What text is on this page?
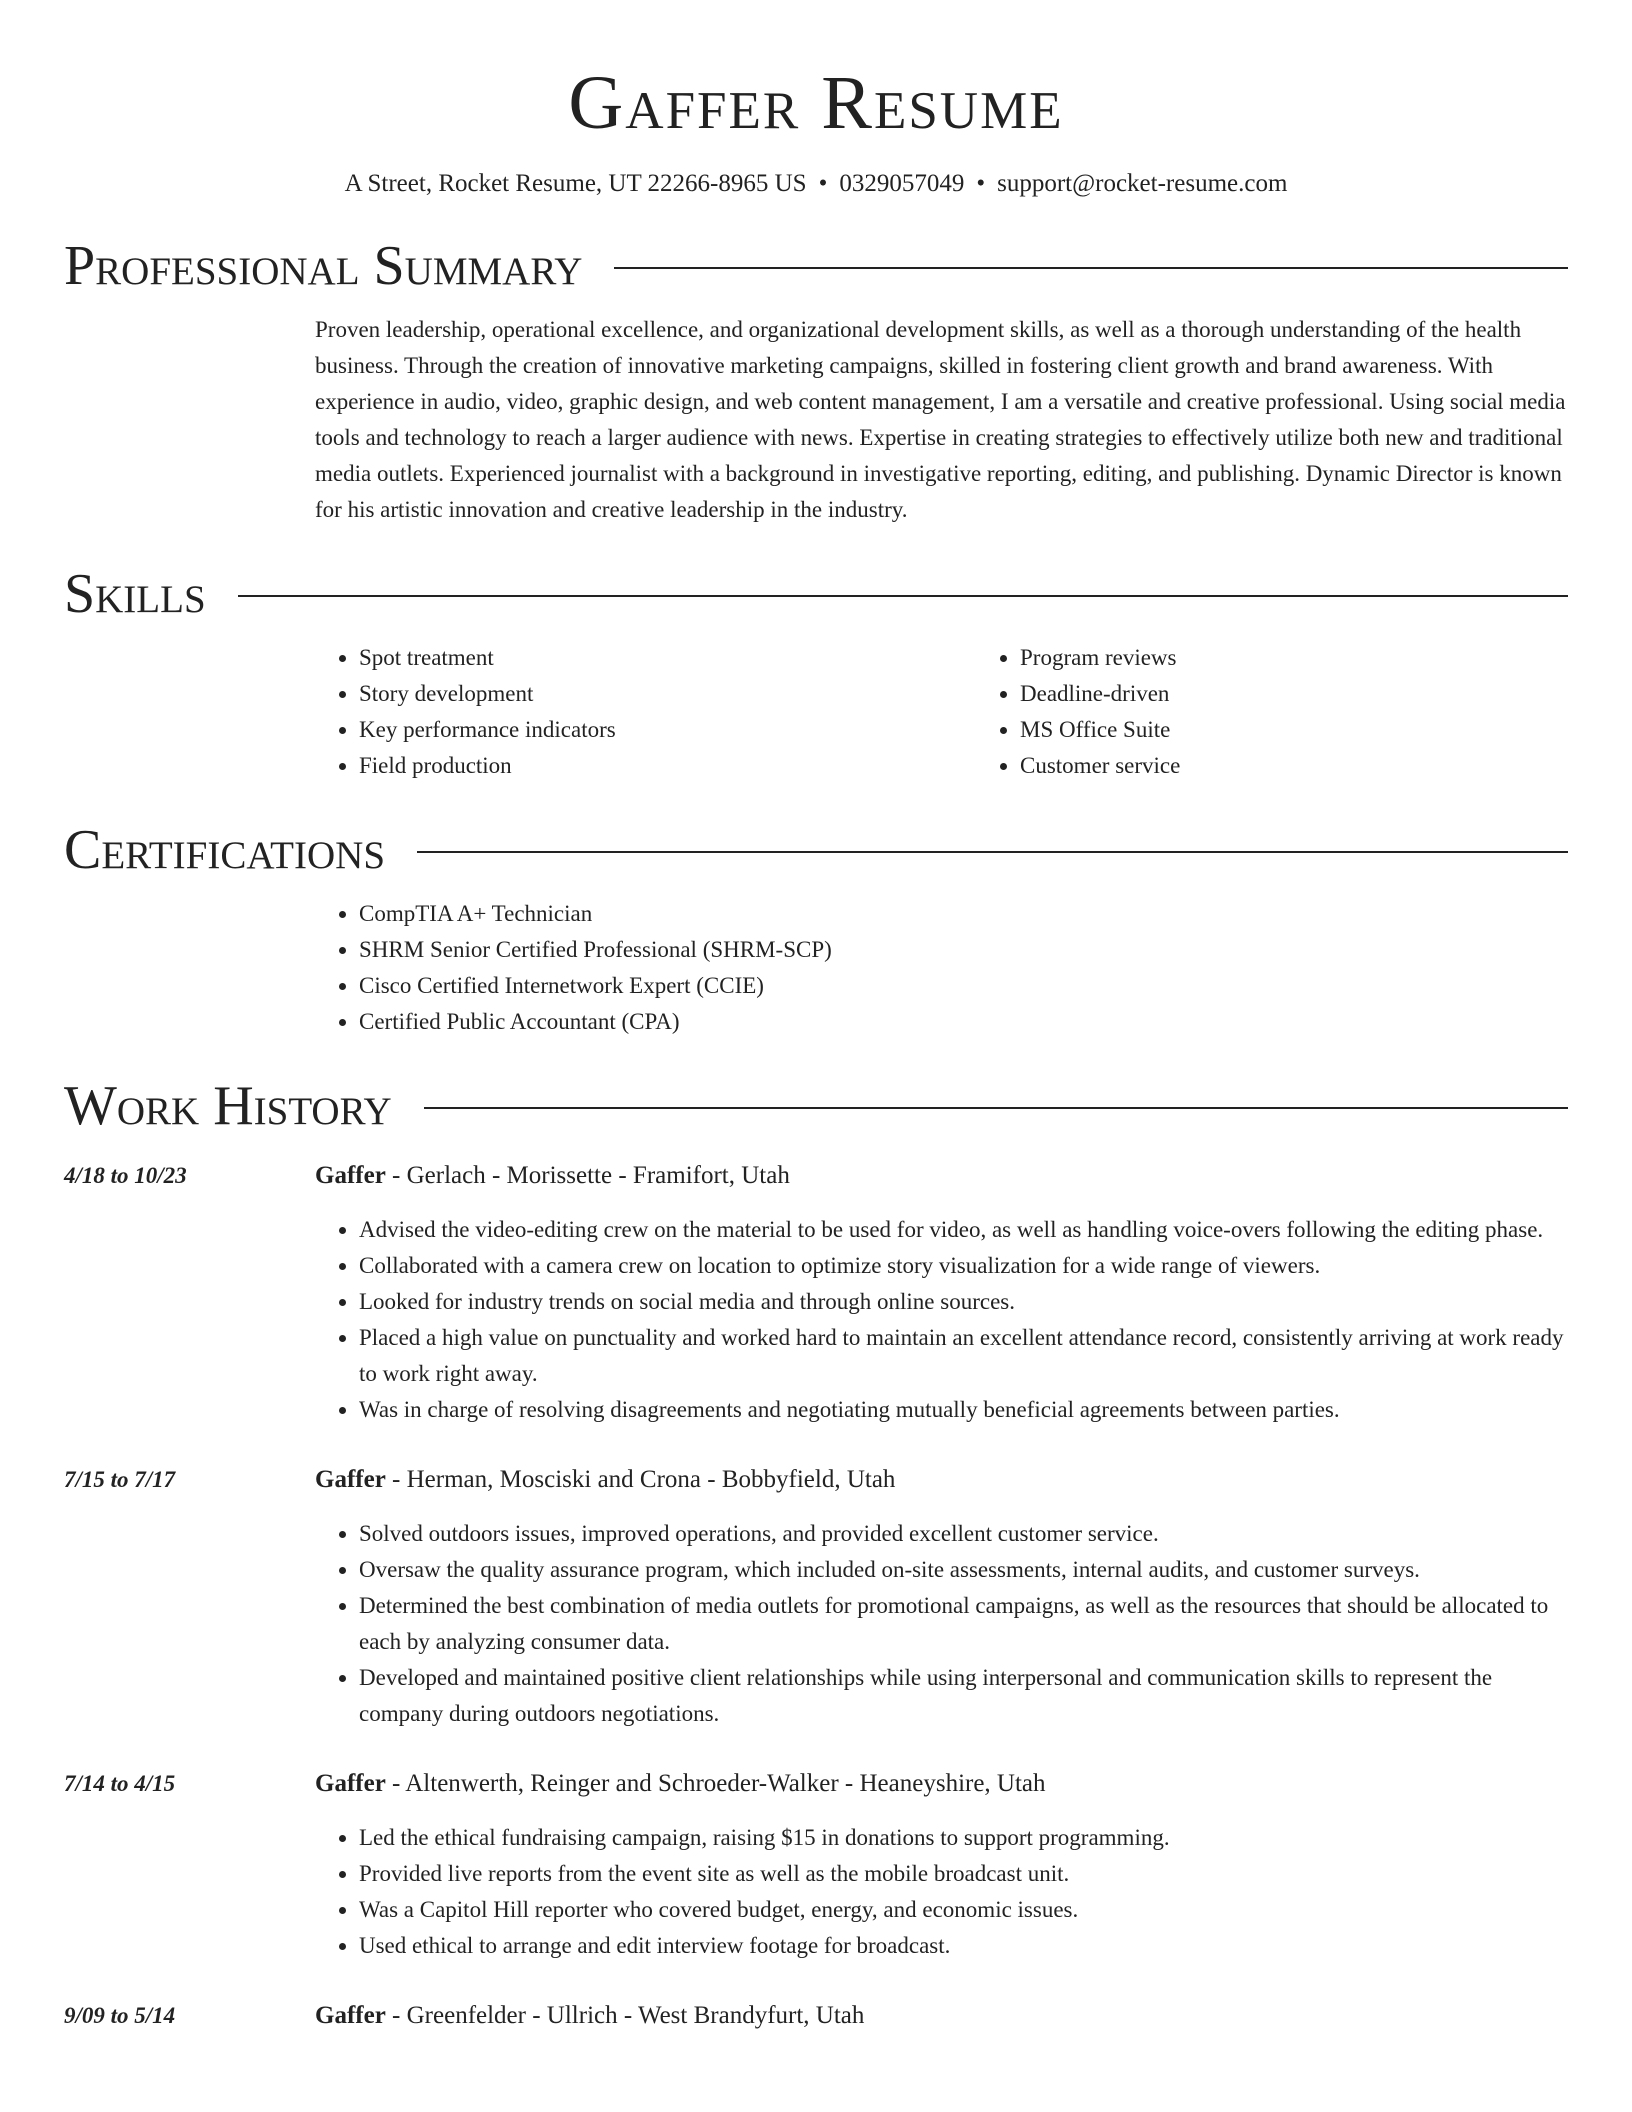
Gaffer Resume
A Street, Rocket Resume, UT 22266-8965 US • 0329057049 • support@rocket-resume.com
Professional Summary

Proven leadership, operational excellence, and organizational development skills, as well as a thorough understanding of the health business. Through the creation of innovative marketing campaigns, skilled in fostering client growth and brand awareness. With experience in audio, video, graphic design, and web content management, I am a versatile and creative professional. Using social media tools and technology to reach a larger audience with news. Expertise in creating strategies to effectively utilize both new and traditional media outlets. Experienced journalist with a background in investigative reporting, editing, and publishing. Dynamic Director is known for his artistic innovation and creative leadership in the industry.

Skills
• Spot treatment
• Story development
• Key performance indicators
• Field production
• Program reviews
• Deadline-driven
• MS Office Suite
• Customer service
Certifications
• CompTIA A+ Technician
• SHRM Senior Certified Professional (SHRM-SCP)
• Cisco Certified Internetwork Expert (CCIE)
• Certified Public Accountant (CPA)
Work History
4/18 to 10/23	Gaffer - Gerlach - Morissette - Framifort, Utah
• Advised the video-editing crew on the material to be used for video, as well as handling voice-overs following the editing phase.
• Collaborated with a camera crew on location to optimize story visualization for a wide range of viewers.
• Looked for industry trends on social media and through online sources.
• Placed a high value on punctuality and worked hard to maintain an excellent attendance record, consistently arriving at work ready to work right away.
• Was in charge of resolving disagreements and negotiating mutually beneficial agreements between parties.
7/15 to 7/17	Gaffer - Herman, Mosciski and Crona - Bobbyfield, Utah
• Solved outdoors issues, improved operations, and provided excellent customer service.
• Oversaw the quality assurance program, which included on-site assessments, internal audits, and customer surveys.
• Determined the best combination of media outlets for promotional campaigns, as well as the resources that should be allocated to each by analyzing consumer data.
• Developed and maintained positive client relationships while using interpersonal and communication skills to represent the company during outdoors negotiations.
7/14 to 4/15	Gaffer - Altenwerth, Reinger and Schroeder-Walker - Heaneyshire, Utah
• Led the ethical fundraising campaign, raising $15 in donations to support programming.
• Provided live reports from the event site as well as the mobile broadcast unit.
• Was a Capitol Hill reporter who covered budget, energy, and economic issues.
• Used ethical to arrange and edit interview footage for broadcast.
9/09 to 5/14	Gaffer - Greenfelder - Ullrich - West Brandyfurt, Utah
